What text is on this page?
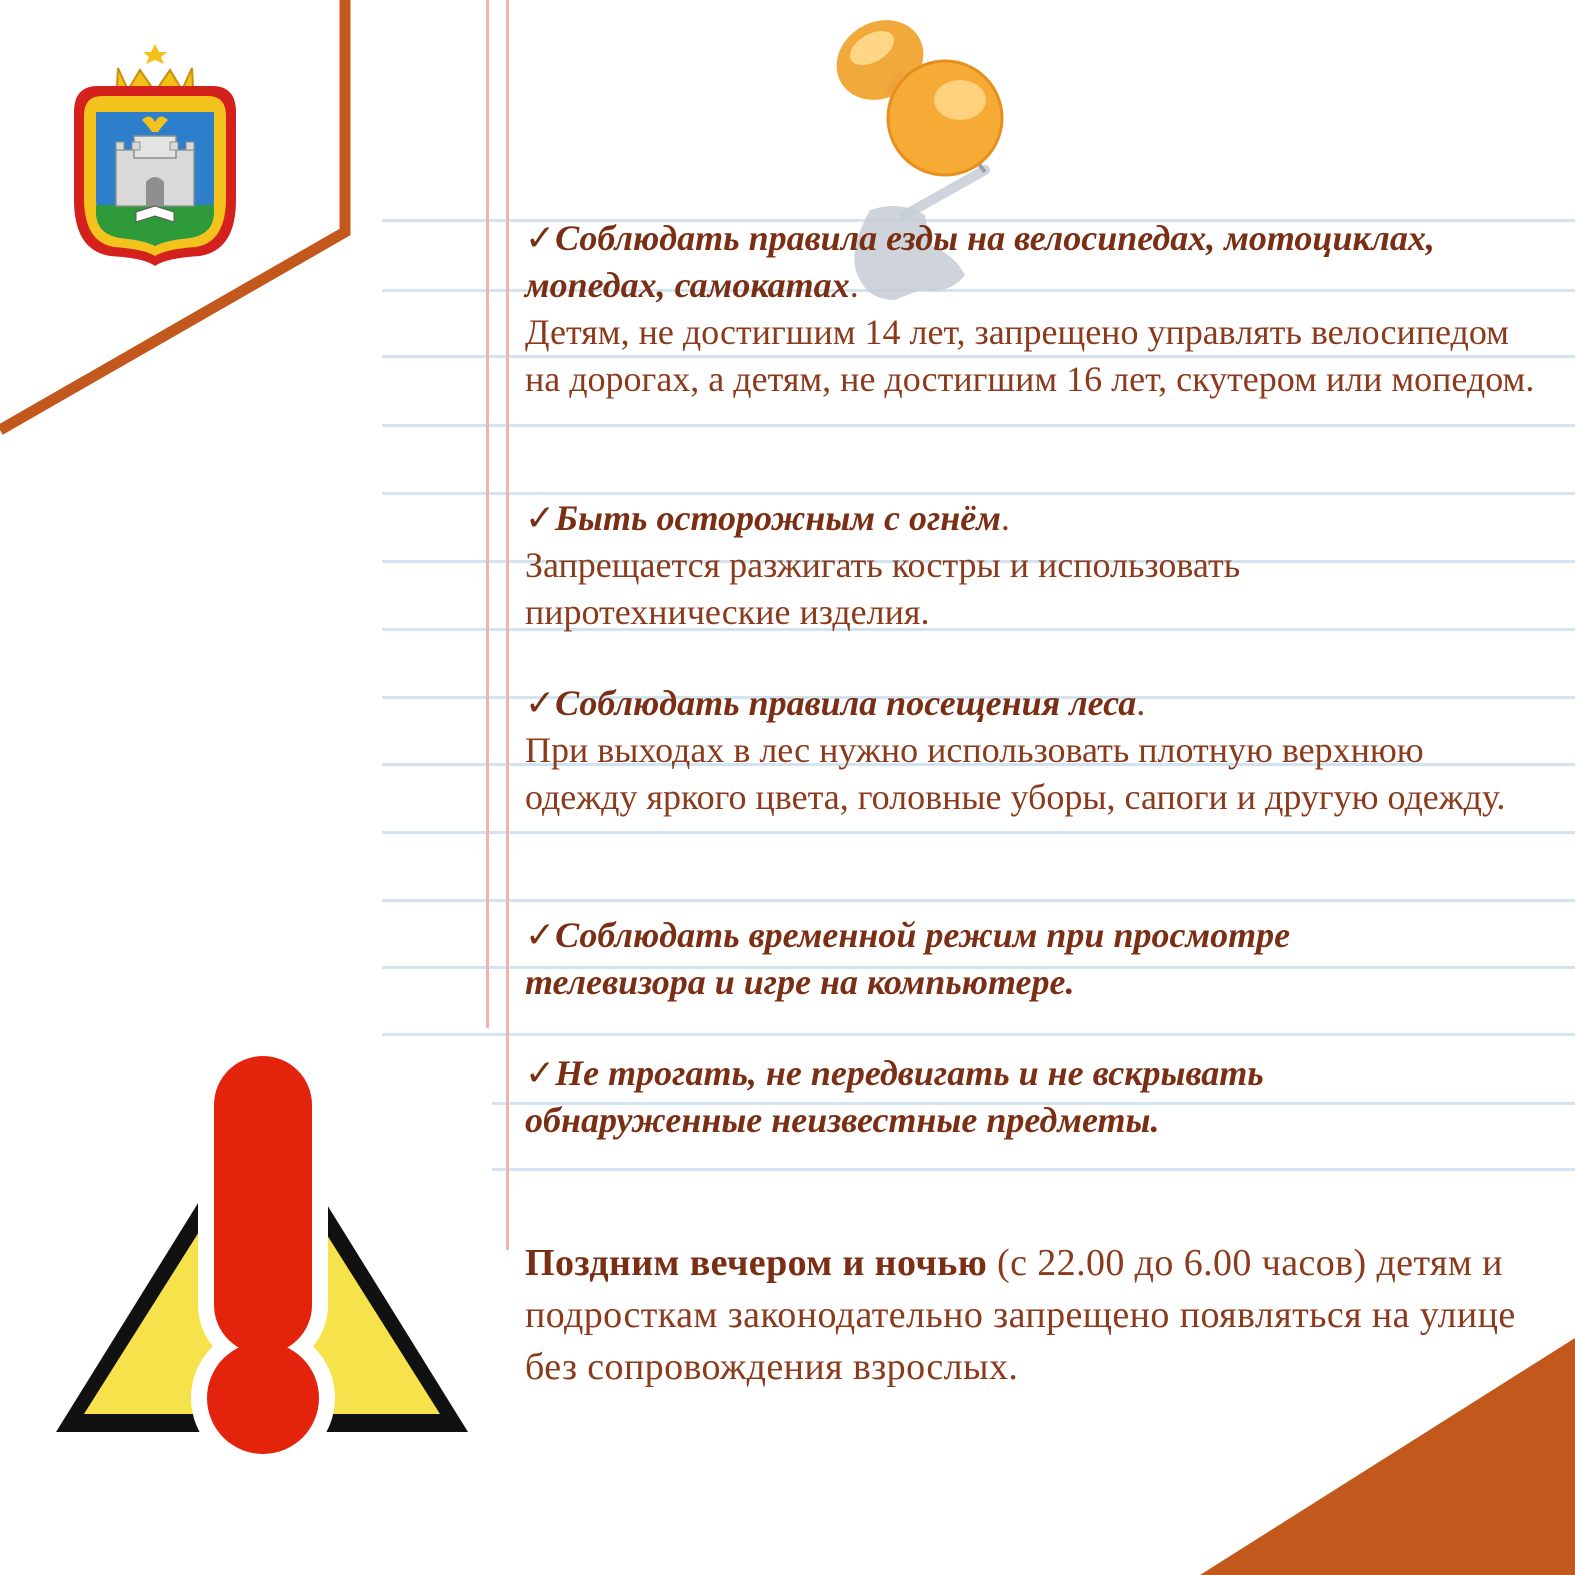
✓Соблюдать правила езды на велосипедах, мотоциклах, мопедах, самокатах.
Детям, не достигшим 14 лет, запрещено управлять велосипедом на дорогах, а детям, не достигшим 16 лет, скутером или мопедом.

✓Быть осторожным с огнём.
Запрещается разжигать костры и использовать пиротехнические изделия.

✓Соблюдать правила посещения леса.
При выходах в лес нужно использовать плотную верхнюю одежду яркого цвета, головные уборы, сапоги и другую одежду.

✓Соблюдать временной режим при просмотре телевизора и игре на компьютере.

✓Не трогать, не передвигать и не вскрывать обнаруженные неизвестные предметы.

Поздним вечером и ночью (с 22.00 до 6.00 часов) детям и подросткам законодательно запрещено появляться на улице без сопровождения взрослых.
